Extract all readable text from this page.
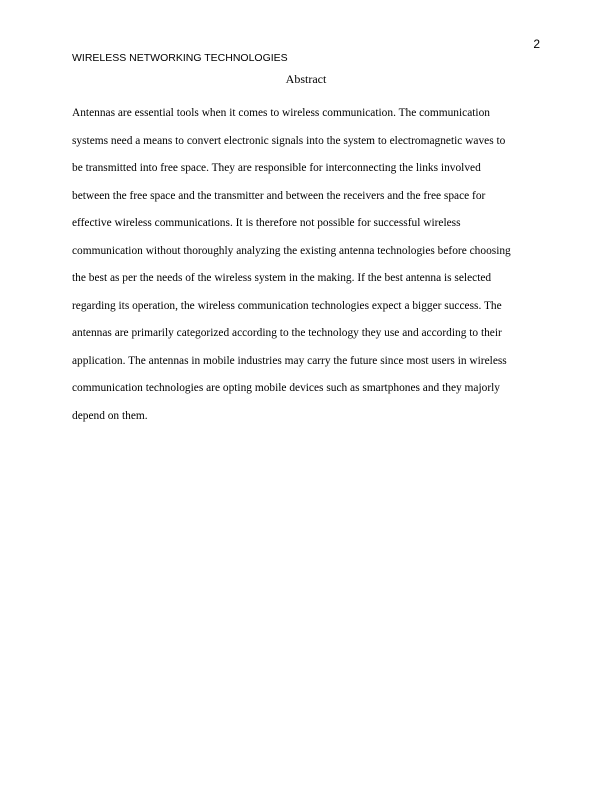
2
WIRELESS NETWORKING TECHNOLOGIES
Abstract

Antennas are essential tools when it comes to wireless communication. The communication
systems need a means to convert electronic signals into the system to electromagnetic waves to
be transmitted into free space. They are responsible for interconnecting the links involved
between the free space and the transmitter and between the receivers and the free space for
effective wireless communications. It is therefore not possible for successful wireless
communication without thoroughly analyzing the existing antenna technologies before choosing
the best as per the needs of the wireless system in the making. If the best antenna is selected
regarding its operation, the wireless communication technologies expect a bigger success. The
antennas are primarily categorized according to the technology they use and according to their
application. The antennas in mobile industries may carry the future since most users in wireless
communication technologies are opting mobile devices such as smartphones and they majorly
depend on them.
